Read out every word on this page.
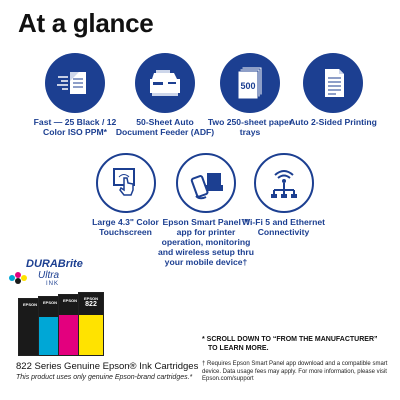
At a glance
Fast — 25 Black / 12 Color ISO PPM*
50-Sheet Auto Document Feeder (ADF)
500
Two 250-sheet paper trays
Auto 2-Sided Printing
Large 4.3" Color Touchscreen
Epson Smart Panel™ app for printer operation, monitoring and wireless setup thru your mobile device†
Wi-Fi 5 and Ethernet Connectivity
DURABrite
Ultra
INK
EPSON	EPSON	EPSON	EPSON
822
822 Series Genuine Epson® Ink Cartridges
This product uses only genuine Epson-brand cartridges.*
* SCROLL DOWN TO “FROM THE MANUFACTURER”
TO LEARN MORE.
† Requires Epson Smart Panel app download and a compatible smart device. Data usage fees may apply. For more information, please visit Epson.com/support
